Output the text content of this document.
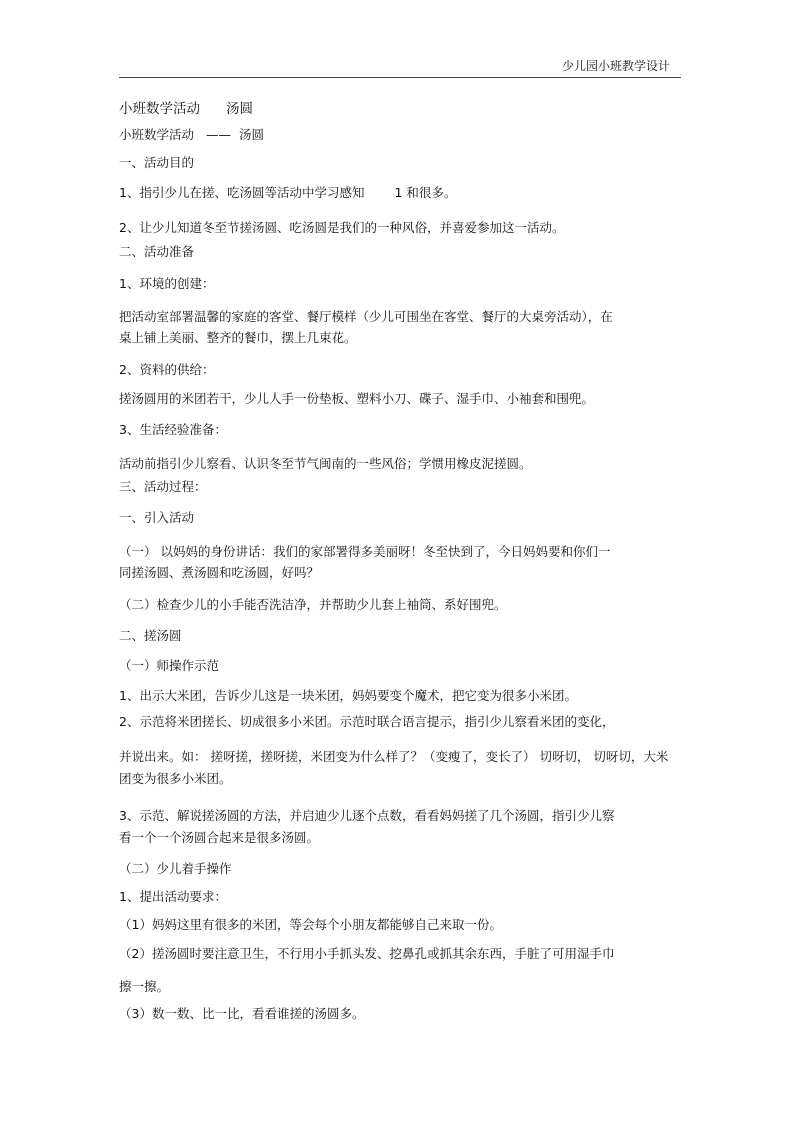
少儿园小班教学设计
小班数学活动 汤圆
小班数学活动 —— 汤圆
一、活动目的
1、指引少儿在搓、吃汤圆等活动中学习感知 1 和很多。
2、让少儿知道冬至节搓汤圆、吃汤圆是我们的一种风俗，并喜爱参加这一活动。
二、活动准备
1、环境的创建：
把活动室部署温馨的家庭的客堂、餐厅模样（少儿可围坐在客堂、餐厅的大桌旁活动），在
桌上铺上美丽、整齐的餐巾，摆上几束花。
2、资料的供给：
搓汤圆用的米团若干，少儿人手一份垫板、塑料小刀、碟子、湿手巾、小袖套和围兜。
3、生活经验准备：
活动前指引少儿察看、认识冬至节气闽南的一些风俗；学惯用橡皮泥搓圆。
三、活动过程：
一、引入活动
（一） 以妈妈的身份讲话：我们的家部署得多美丽呀！冬至快到了，今日妈妈要和你们一
同搓汤圆、煮汤圆和吃汤圆，好吗？
（二）检查少儿的小手能否洗洁净，并帮助少儿套上袖筒、系好围兜。
二、搓汤圆
（一）师操作示范
1、出示大米团，告诉少儿这是一块米团，妈妈要变个魔术，把它变为很多小米团。
2、示范将米团搓长、切成很多小米团。示范时联合语言提示，指引少儿察看米团的变化，
并说出来。如： 搓呀搓，搓呀搓，米团变为什么样了？（变瘦了，变长了） 切呀切， 切呀切，大米
团变为很多小米团。
3、示范、解说搓汤圆的方法，并启迪少儿逐个点数，看看妈妈搓了几个汤圆，指引少儿察
看一个一个汤圆合起来是很多汤圆。
（二）少儿着手操作
1、提出活动要求：
（1）妈妈这里有很多的米团，等会每个小朋友都能够自己来取一份。
（2）搓汤圆时要注意卫生，不行用小手抓头发、挖鼻孔或抓其余东西，手脏了可用湿手巾
擦一擦。
（3）数一数、比一比，看看谁搓的汤圆多。
